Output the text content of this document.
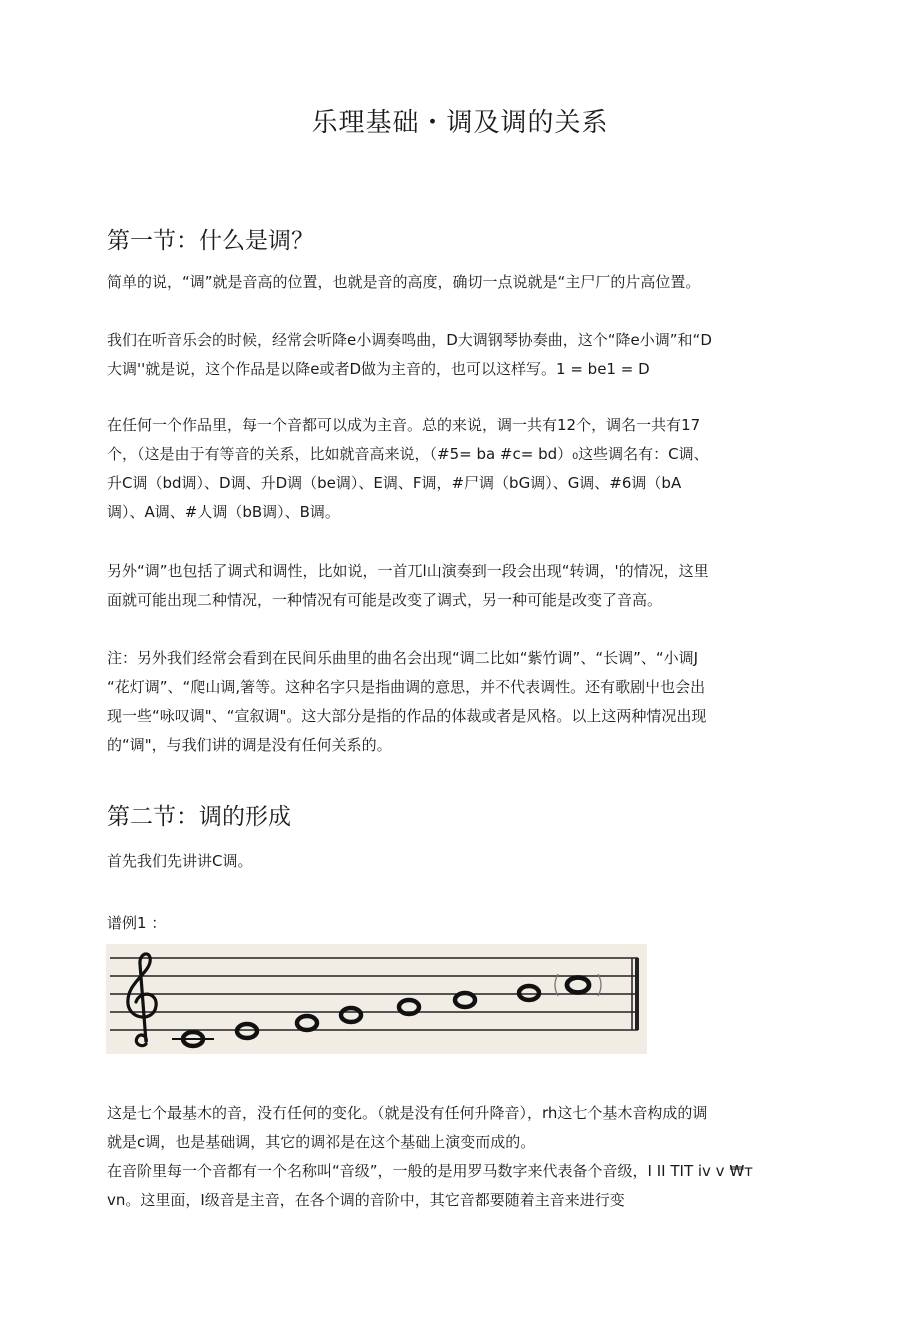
乐理基础・调及调的关系
第一节：什么是调？
简单的说，“调”就是音高的位置，也就是音的高度，确切一点说就是“主尸厂的片高位置。
我们在听音乐会的时候，经常会听降e小调奏鸣曲，D大调钢琴协奏曲，这个“降e小调”和“D
大调''就是说，这个作品是以降e或者D做为主音的，也可以这样写。1 = be1 = D
在任何一个作品里，每一个音都可以成为主音。总的来说，调一共有12个，调名一共有17
个，（这是由于有等音的关系，比如就音高来说，（#5= ba #c= bd）₀这些调名有：C调、
升C调（bd调）、D调、升D调（be调）、E调、F调，#尸调（bG调）、G调、#6调（bA
调）、A调、#人调（bB调）、B调。
另外“调”也包括了调式和调性，比如说，一首兀l山演奏到一段会出现“转调，'的情况，这里
面就可能出现二种情况，一种情况有可能是改变了调式，另一种可能是改变了音高。
注：另外我们经常会看到在民间乐曲里的曲名会出现“调二比如“紫竹调”、“长调”、“小调J
“花灯调”、“爬山调,箸等。这种名字只是指曲调的意思，并不代表调性。还有歌剧屮也会出
现一些“咏叹调"、“宣叙调"。这大部分是指的作品的体裁或者是风格。以上这两种情况出现
的“调"，与我们讲的调是没有任何关系的。
第二节：调的形成
首先我们先讲讲C调。
谱例1 ：
这是七个最基木的音，没冇任何的变化。（就是没有任何升降音），rh这七个基木音构成的调
就是c调，也是基础调，其它的调祁是在这个基础上演变而成的。
在音阶里每一个音都有一个名称叫“音级”，一般的是用罗马数字来代表备个音级，I II TIT iv v ₩т
vn。这里面，I级音是主音，在各个调的音阶中，其它音都要随着主音来进行变
